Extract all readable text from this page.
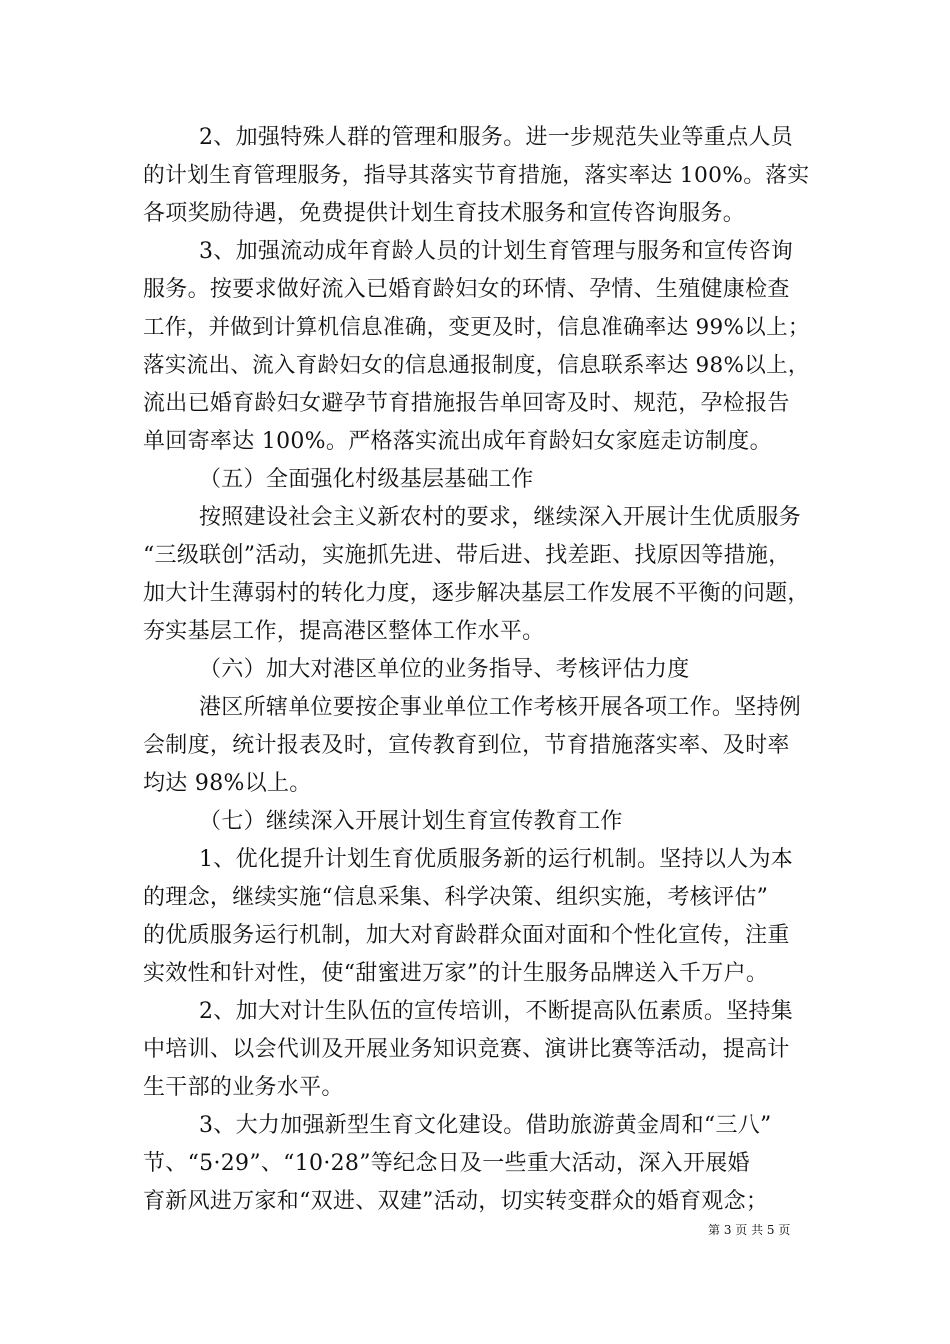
2、加强特殊人群的管理和服务。进一步规范失业等重点人员
的计划生育管理服务，指导其落实节育措施，落实率达 100%。落实
各项奖励待遇，免费提供计划生育技术服务和宣传咨询服务。
3、加强流动成年育龄人员的计划生育管理与服务和宣传咨询
服务。按要求做好流入已婚育龄妇女的环情、孕情、生殖健康检查
工作，并做到计算机信息准确，变更及时，信息准确率达 99%以上；
落实流出、流入育龄妇女的信息通报制度，信息联系率达 98%以上，
流出已婚育龄妇女避孕节育措施报告单回寄及时、规范，孕检报告
单回寄率达 100%。严格落实流出成年育龄妇女家庭走访制度。
（五）全面强化村级基层基础工作
按照建设社会主义新农村的要求，继续深入开展计生优质服务
“三级联创”活动，实施抓先进、带后进、找差距、找原因等措施，
加大计生薄弱村的转化力度，逐步解决基层工作发展不平衡的问题，
夯实基层工作，提高港区整体工作水平。
（六）加大对港区单位的业务指导、考核评估力度
港区所辖单位要按企事业单位工作考核开展各项工作。坚持例
会制度，统计报表及时，宣传教育到位，节育措施落实率、及时率
均达 98%以上。
（七）继续深入开展计划生育宣传教育工作
1、优化提升计划生育优质服务新的运行机制。坚持以人为本
的理念，继续实施“信息采集、科学决策、组织实施，考核评估”
的优质服务运行机制，加大对育龄群众面对面和个性化宣传，注重
实效性和针对性，使“甜蜜进万家”的计生服务品牌送入千万户。
2、加大对计生队伍的宣传培训，不断提高队伍素质。坚持集
中培训、以会代训及开展业务知识竞赛、演讲比赛等活动，提高计
生干部的业务水平。
3、大力加强新型生育文化建设。借助旅游黄金周和“三八”
节、“5·29”、“10·28”等纪念日及一些重大活动，深入开展婚
育新风进万家和“双进、双建”活动，切实转变群众的婚育观念；
第 3 页 共 5 页
